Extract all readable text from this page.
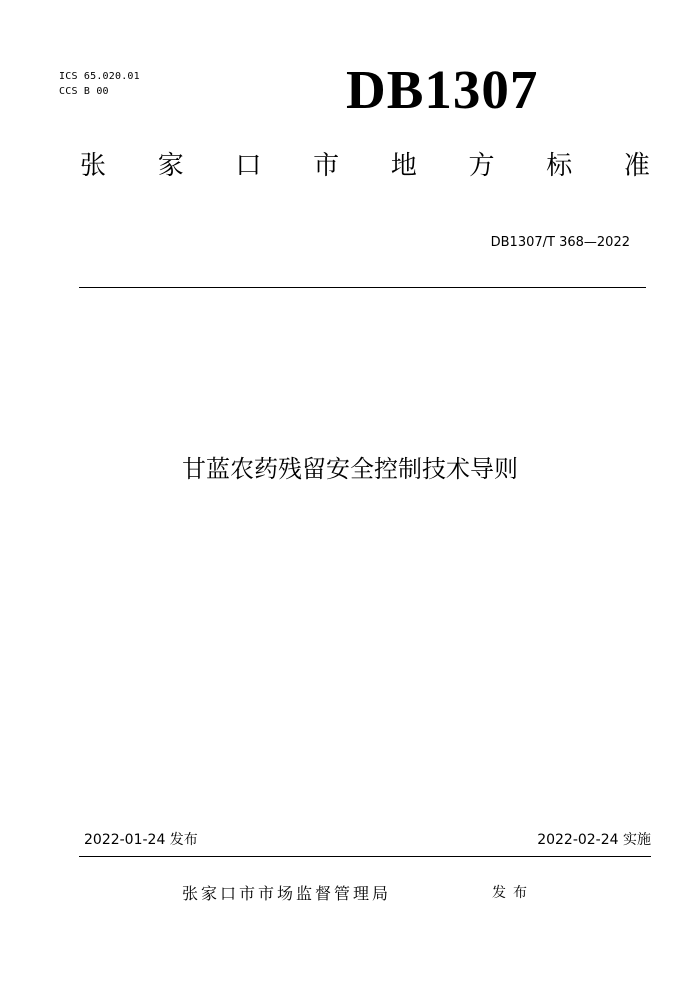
ICS 65.020.01
CCS B 00	DB1307
张 家 口 市 地 方 标 准
DB1307/T 368—2022
甘蓝农药残留安全控制技术导则
2022-01-24 发布	2022-02-24 实施
张家口市市场监督管理局	发布
